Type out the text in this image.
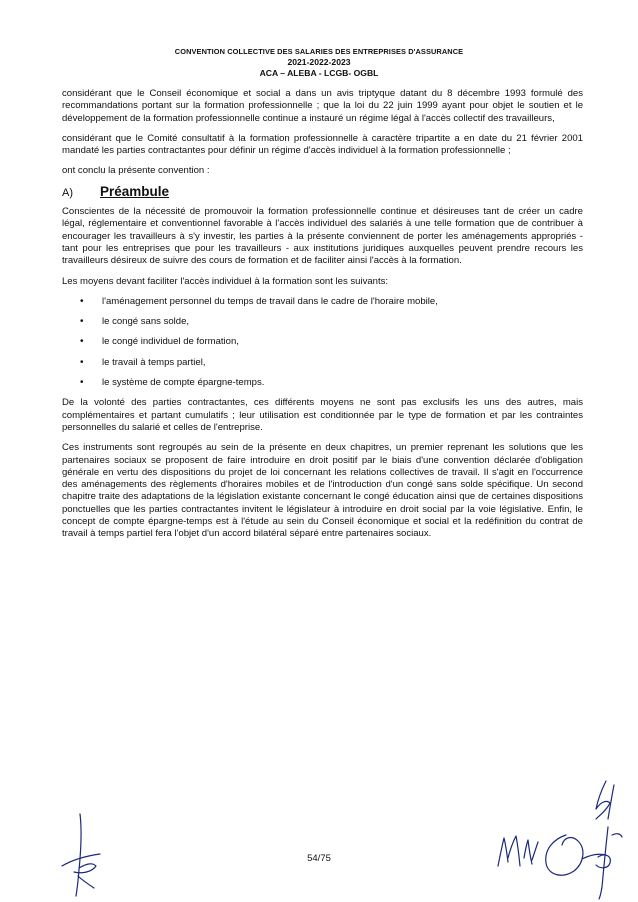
CONVENTION COLLECTIVE DES SALARIES DES ENTREPRISES D'ASSURANCE
2021-2022-2023
ACA – ALEBA - LCGB- OGBL

considérant que le Conseil économique et social a dans un avis triptyque datant du 8 décembre 1993 formulé des recommandations portant sur la formation professionnelle ; que la loi du 22 juin 1999 ayant pour objet le soutien et le développement de la formation professionnelle continue a instauré un régime légal à l'accès collectif des travailleurs,

considérant que le Comité consultatif à la formation professionnelle à caractère tripartite a en date du 21 février 2001 mandaté les parties contractantes pour définir un régime d'accès individuel à la formation professionnelle ;

ont conclu la présente convention :

A)	Préambule

Conscientes de la nécessité de promouvoir la formation professionnelle continue et désireuses tant de créer un cadre légal, réglementaire et conventionnel favorable à l'accès individuel des salariés à une telle formation que de contribuer à encourager les travailleurs à s'y investir, les parties à la présente conviennent de porter les aménagements appropriés - tant pour les entreprises que pour les travailleurs - aux institutions juridiques auxquelles peuvent prendre recours les travailleurs désireux de suivre des cours de formation et de faciliter ainsi l'accès à la formation.

Les moyens devant faciliter l'accès individuel à la formation sont les suivants:

• l'aménagement personnel du temps de travail dans le cadre de l'horaire mobile,
• le congé sans solde,
• le congé individuel de formation,
• le travail à temps partiel,
• le système de compte épargne-temps.

De la volonté des parties contractantes, ces différents moyens ne sont pas exclusifs les uns des autres, mais complémentaires et partant cumulatifs ; leur utilisation est conditionnée par le type de formation et par les contraintes personnelles du salarié et celles de l'entreprise.

Ces instruments sont regroupés au sein de la présente en deux chapitres, un premier reprenant les solutions que les partenaires sociaux se proposent de faire introduire en droit positif par le biais d'une convention déclarée d'obligation générale en vertu des dispositions du projet de loi concernant les relations collectives de travail. Il s'agit en l'occurrence des aménagements des règlements d'horaires mobiles et de l'introduction d'un congé sans solde spécifique. Un second chapitre traite des adaptations de la législation existante concernant le congé éducation ainsi que de certaines dispositions ponctuelles que les parties contractantes invitent le législateur à introduire en droit social par la voie législative. Enfin, le concept de compte épargne-temps est à l'étude au sein du Conseil économique et social et la redéfinition du contrat de travail à temps partiel fera l'objet d'un accord bilatéral séparé entre partenaires sociaux.

54/75
